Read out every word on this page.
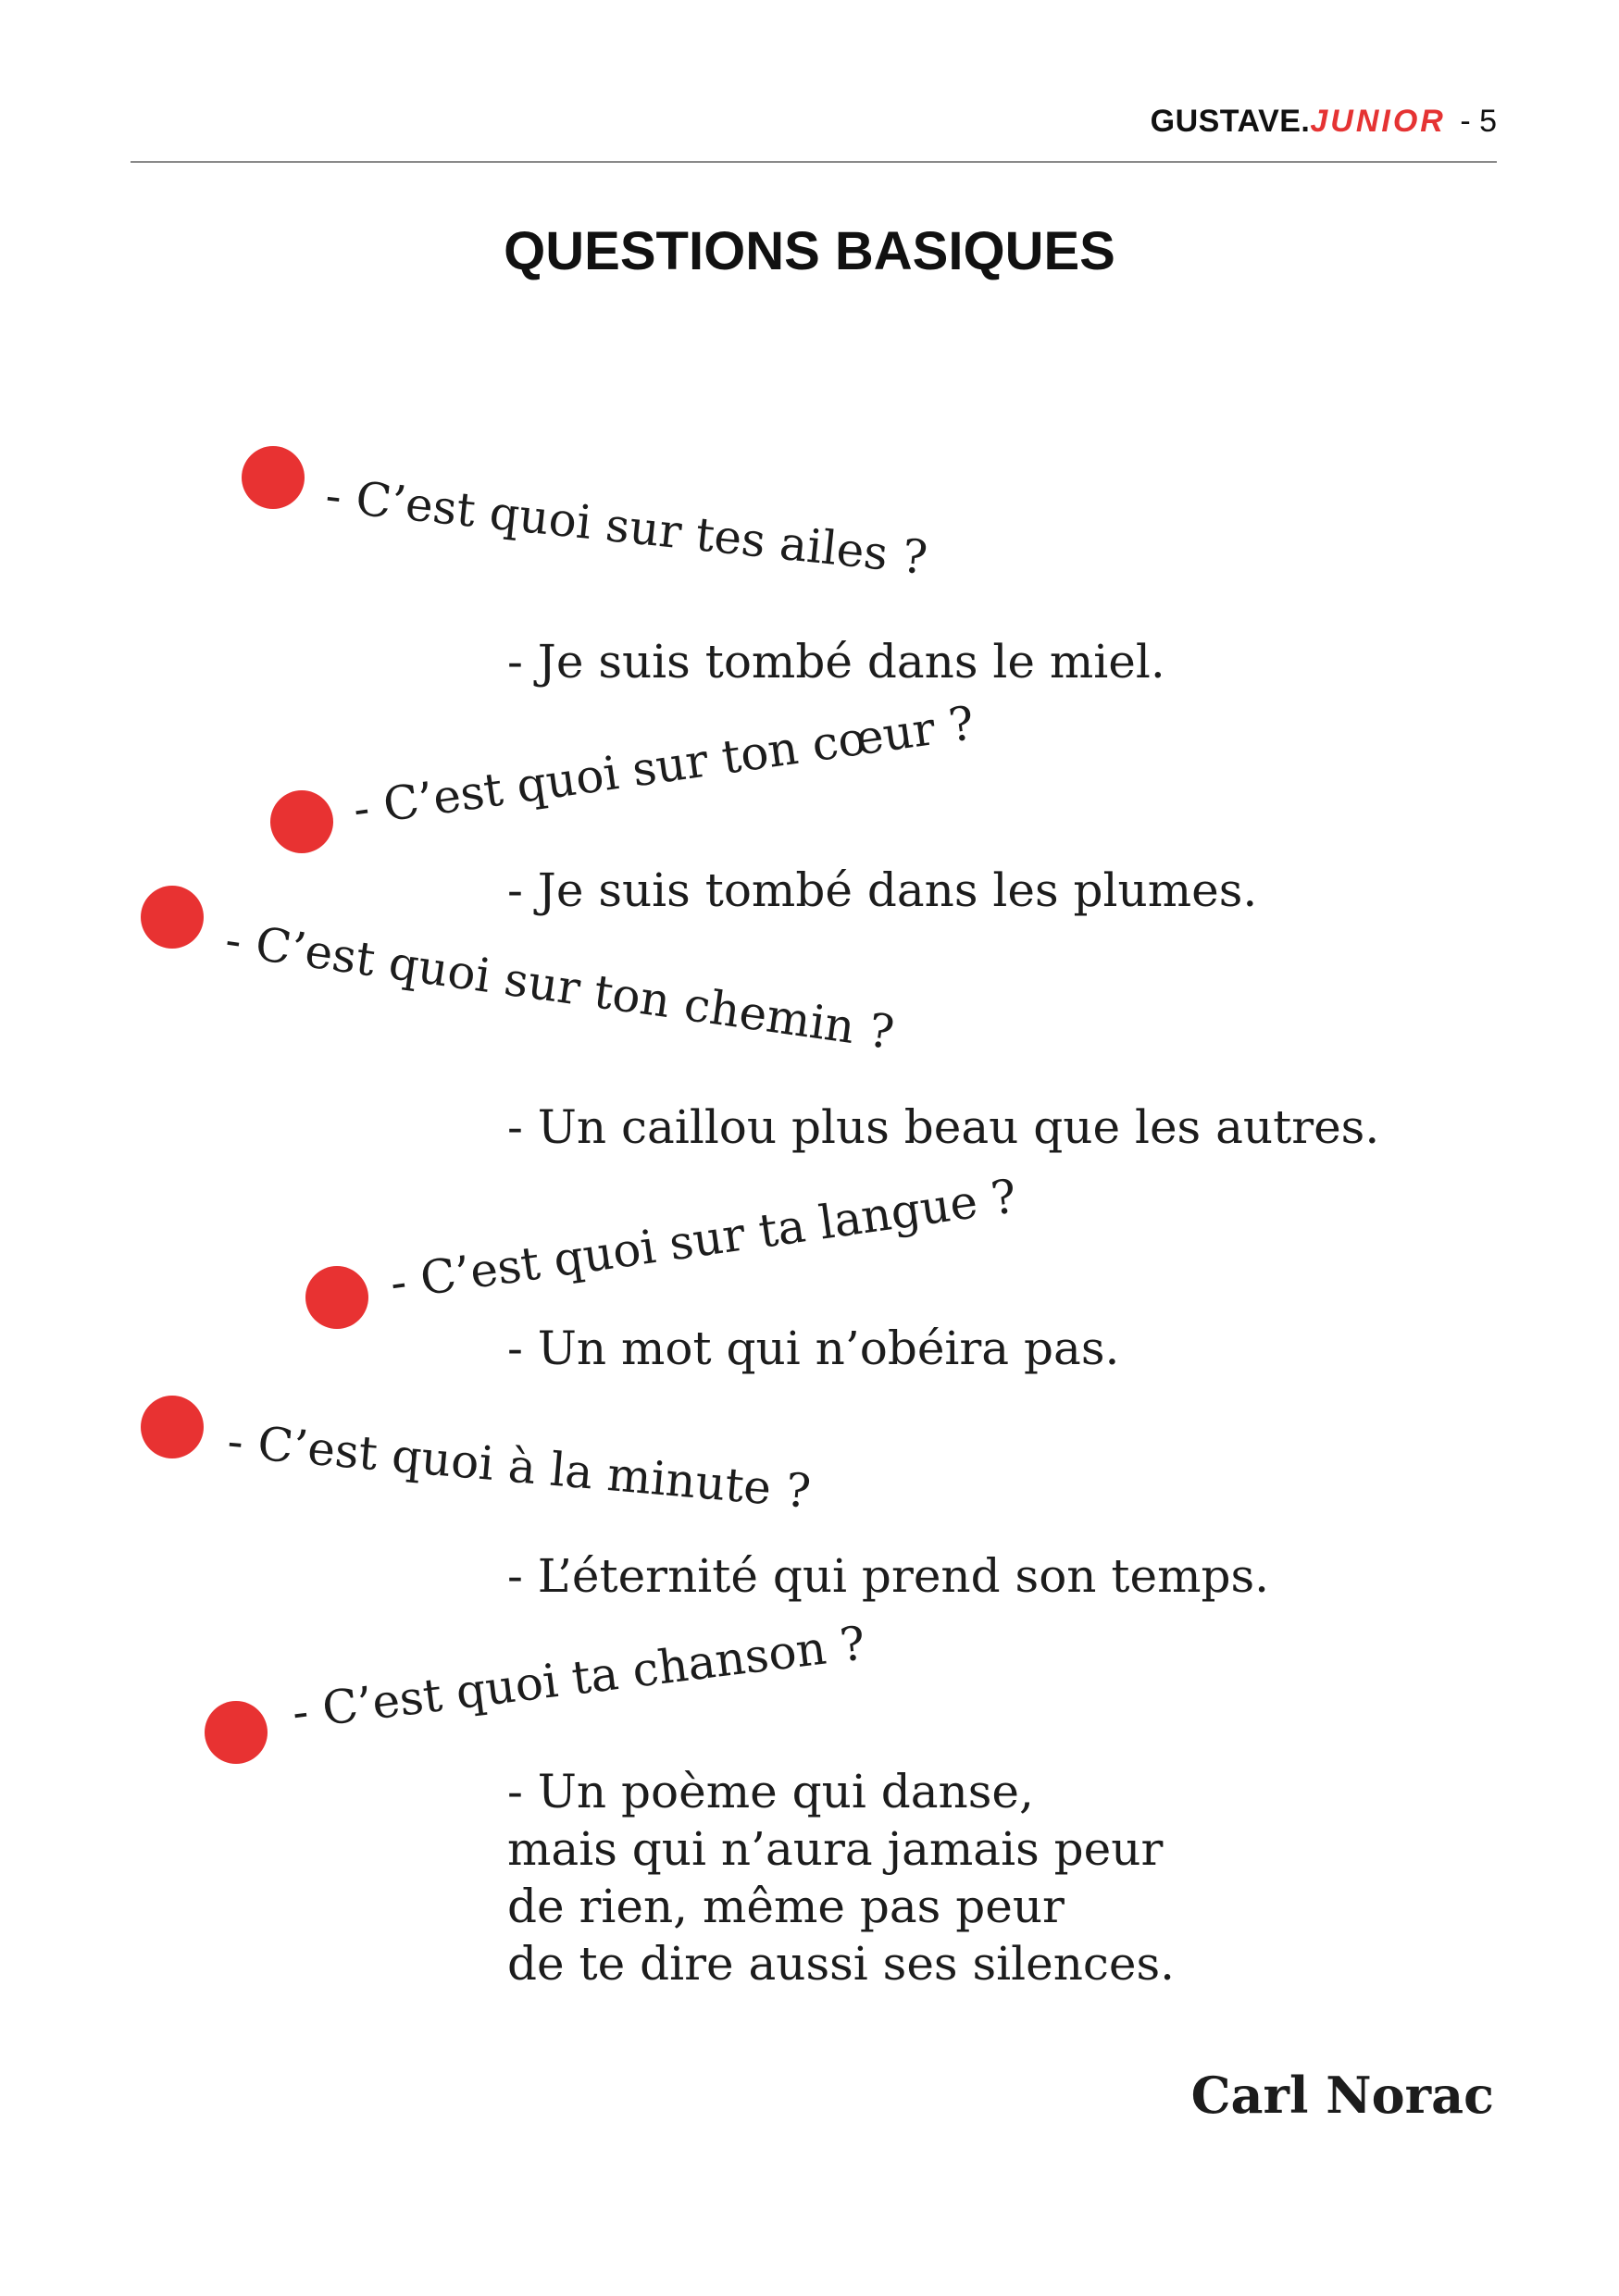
GUSTAVE.JUNIOR - 5
QUESTIONS BASIQUES
- C’est quoi sur tes ailes ?
- Je suis tombé dans le miel.
- C’est quoi sur ton cœur ?
- Je suis tombé dans les plumes.
- C’est quoi sur ton chemin ?
- Un caillou plus beau que les autres.
- C’est quoi sur ta langue ?
- Un mot qui n’obéira pas.
- C’est quoi à la minute ?
- L’éternité qui prend son temps.
- C’est quoi ta chanson ?
- Un poème qui danse,
mais qui n’aura jamais peur
de rien, même pas peur
de te dire aussi ses silences.
Carl Norac
